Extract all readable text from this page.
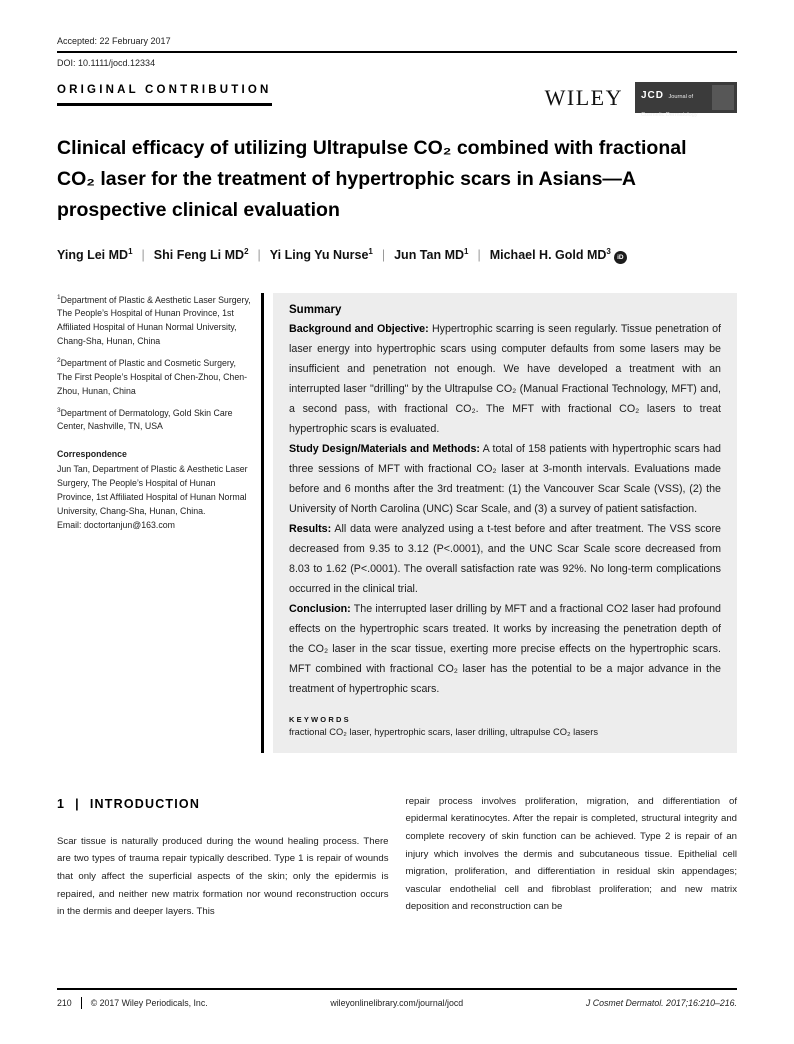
Accepted: 22 February 2017
DOI: 10.1111/jocd.12334
ORIGINAL CONTRIBUTION	WILEY	JCD Journal of
Cosmetic Dermatology
Clinical efficacy of utilizing Ultrapulse CO₂ combined with fractional CO₂ laser for the treatment of hypertrophic scars in Asians—A prospective clinical evaluation
Ying Lei $MD^1$ | Shi Feng Li $MD^2$ | Yi Ling Yu Nurse$^1$ | Jun Tan $MD^1$ | Michael H. Gold $MD^3iD$

$^1$Department of Plastic & Aesthetic Laser Surgery, The People’s Hospital of Hunan Province, 1st Affiliated Hospital of Hunan Normal University, Chang-Sha, Hunan, China

$^2$Department of Plastic and Cosmetic Surgery, The First People’s Hospital of Chen-Zhou, Chen-Zhou, Hunan, China

$^3$Department of Dermatology, Gold Skin Care Center, Nashville, TN, USA

Correspondence
Jun Tan, Department of Plastic & Aesthetic Laser Surgery, The People’s Hospital of Hunan Province, 1st Affiliated Hospital of Hunan Normal University, Chang-Sha, Hunan, China.
Email: doctortanjun@163.com
Summary

Background and Objective: Hypertrophic scarring is seen regularly. Tissue penetration of laser energy into hypertrophic scars using computer defaults from some lasers may be insufficient and penetration not enough. We have developed a treatment with an interrupted laser "drilling" by the Ultrapulse CO₂ (Manual Fractional Technology, MFT) and, a second pass, with fractional CO₂. The MFT with fractional CO₂ lasers to treat hypertrophic scars is evaluated.

Study Design/Materials and Methods: A total of 158 patients with hypertrophic scars had three sessions of MFT with fractional CO₂ laser at 3-month intervals. Evaluations made before and 6 months after the 3rd treatment: (1) the Vancouver Scar Scale (VSS), (2) the University of North Carolina (UNC) Scar Scale, and (3) a survey of patient satisfaction.

Results: All data were analyzed using a t-test before and after treatment. The VSS score decreased from 9.35 to 3.12 (P<.0001), and the UNC Scar Scale score decreased from 8.03 to 1.62 (P<.0001). The overall satisfaction rate was 92%. No long-term complications occurred in the clinical trial.

Conclusion: The interrupted laser drilling by MFT and a fractional CO2 laser had profound effects on the hypertrophic scars treated. It works by increasing the penetration depth of the CO₂ laser in the scar tissue, exerting more precise effects on the hypertrophic scars. MFT combined with fractional CO₂ laser has the potential to be a major advance in the treatment of hypertrophic scars.

KEYWORDS
fractional CO₂ laser, hypertrophic scars, laser drilling, ultrapulse CO₂ lasers
1 | INTRODUCTION

Scar tissue is naturally produced during the wound healing process. There are two types of trauma repair typically described. Type 1 is repair of wounds that only affect the superficial aspects of the skin; only the epidermis is repaired, and neither new matrix formation nor wound reconstruction occurs in the dermis and deeper layers. This

repair process involves proliferation, migration, and differentiation of epidermal keratinocytes. After the repair is completed, structural integrity and complete recovery of skin function can be achieved. Type 2 is repair of an injury which involves the dermis and subcutaneous tissue. Epithelial cell migration, proliferation, and differentiation in residual skin appendages; vascular endothelial cell and fibroblast proliferation; and new matrix deposition and reconstruction can be

210 © 2017 Wiley Periodicals, Inc.	wileyonlinelibrary.com/journal/jocd	J Cosmet Dermatol. 2017;16:210–216.
